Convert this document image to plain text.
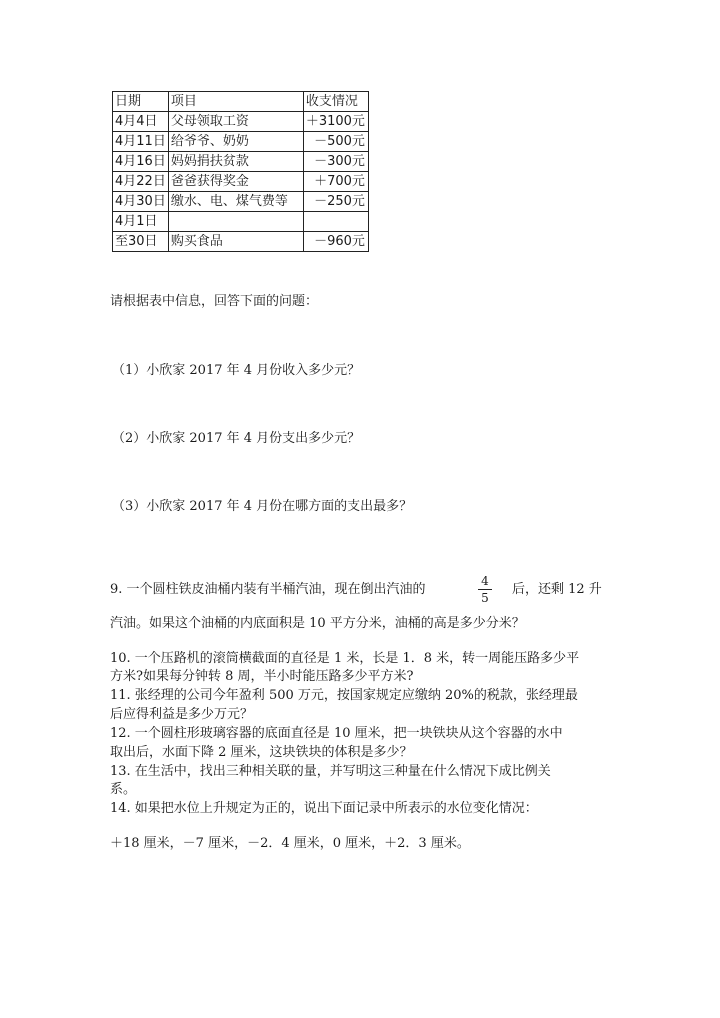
日期	项目	收支情况
4月4日	父母领取工资	＋3100元
4月11日	给爷爷、奶奶	－500元
4月16日	妈妈捐扶贫款	－300元
4月22日	爸爸获得奖金	＋700元
4月30日	缴水、电、煤气费等	－250元
4月1日		
至30日	购买食品	－960元
请根据表中信息，回答下面的问题：
（1）小欣家 2017 年 4 月份收入多少元？
（2）小欣家 2017 年 4 月份支出多少元？
（3）小欣家 2017 年 4 月份在哪方面的支出最多？
9. 一个圆柱铁皮油桶内装有半桶汽油，现在倒出汽油的	$\frac{4}{5}$ 后，还剩 12 升
汽油。如果这个油桶的内底面积是 10 平方分米，油桶的高是多少分米？
10. 一个压路机的滚筒横截面的直径是 1 米，长是 1．8 米，转一周能压路多少平
方米?如果每分钟转 8 周，半小时能压路多少平方米?
11. 张经理的公司今年盈利 500 万元，按国家规定应缴纳 20%的税款，张经理最
后应得利益是多少万元？
12. 一个圆柱形玻璃容器的底面直径是 10 厘米，把一块铁块从这个容器的水中
取出后，水面下降 2 厘米，这块铁块的体积是多少？
13. 在生活中，找出三种相关联的量，并写明这三种量在什么情况下成比例关
系。
14. 如果把水位上升规定为正的，说出下面记录中所表示的水位变化情况：
＋18 厘米，－7 厘米，－2．4 厘米，0 厘米，＋2．3 厘米。
